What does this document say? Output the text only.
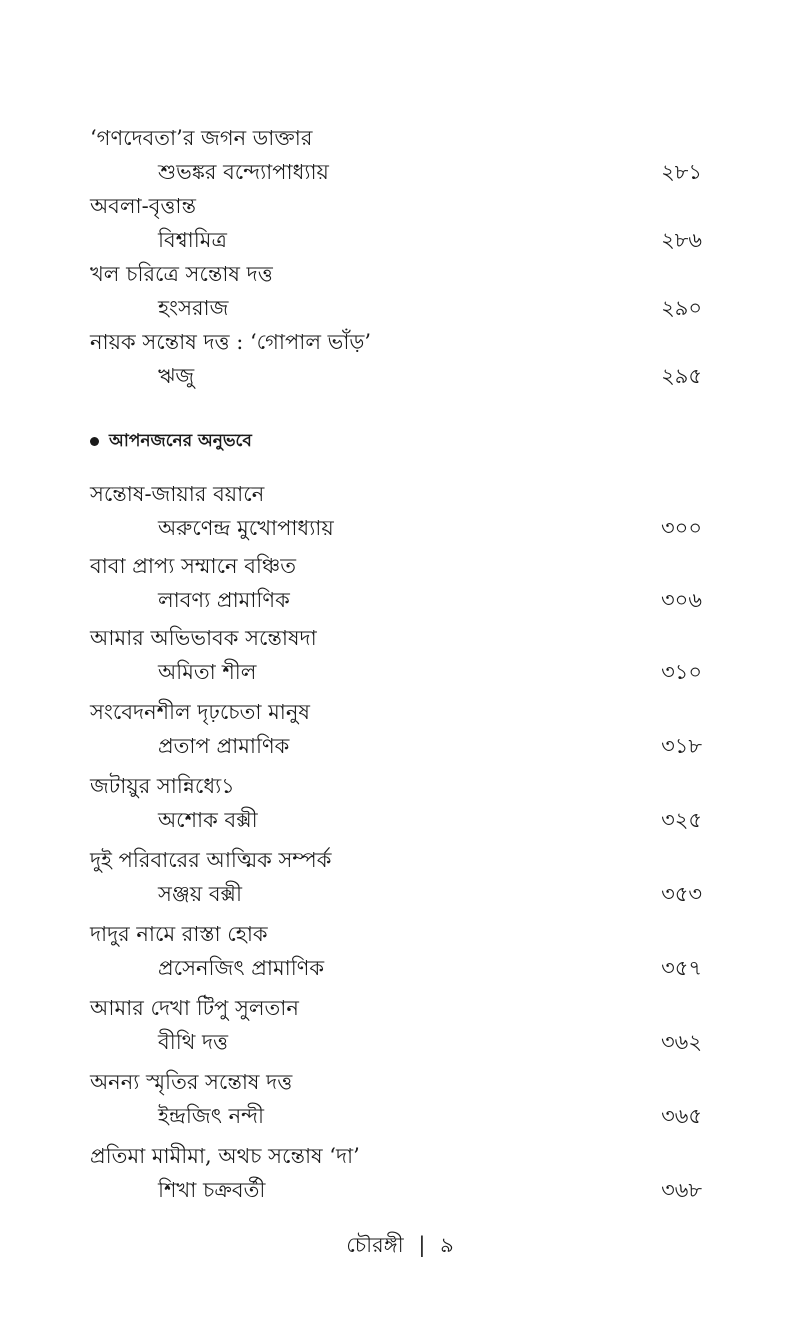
‘গণদেবতা’র জগন ডাক্তার
শুভঙ্কর বন্দ্যোপাধ্যায়	২৮১
অবলা-বৃত্তান্ত
বিশ্বামিত্র	২৮৬
খল চরিত্রে সন্তোষ দত্ত
হংসরাজ	২৯০
নায়ক সন্তোষ দত্ত : ‘গোপাল ভাঁড়’
ঋজু	২৯৫
আপনজনের অনুভবে
সন্তোষ-জায়ার বয়ানে
অরুণেন্দ্র মুখোপাধ্যায়	৩০০
বাবা প্রাপ্য সম্মানে বঞ্চিত
লাবণ্য প্রামাণিক	৩০৬
আমার অভিভাবক সন্তোষদা
অমিতা শীল	৩১০
সংবেদনশীল দৃঢ়চেতা মানুষ
প্রতাপ প্রামাণিক	৩১৮
জটায়ুর সান্নিধ্যে১
অশোক বক্সী	৩২৫
দুই পরিবারের আত্মিক সম্পর্ক
সঞ্জয় বক্সী	৩৫৩
দাদুর নামে রাস্তা হোক
প্রসেনজিৎ প্রামাণিক	৩৫৭
আমার দেখা টিপু সুলতান
বীথি দত্ত	৩৬২
অনন্য স্মৃতির সন্তোষ দত্ত
ইন্দ্রজিৎ নন্দী	৩৬৫
প্রতিমা মামীমা, অথচ সন্তোষ ‘দা’
শিখা চক্রবর্তী	৩৬৮
চৌরঙ্গী | ৯
